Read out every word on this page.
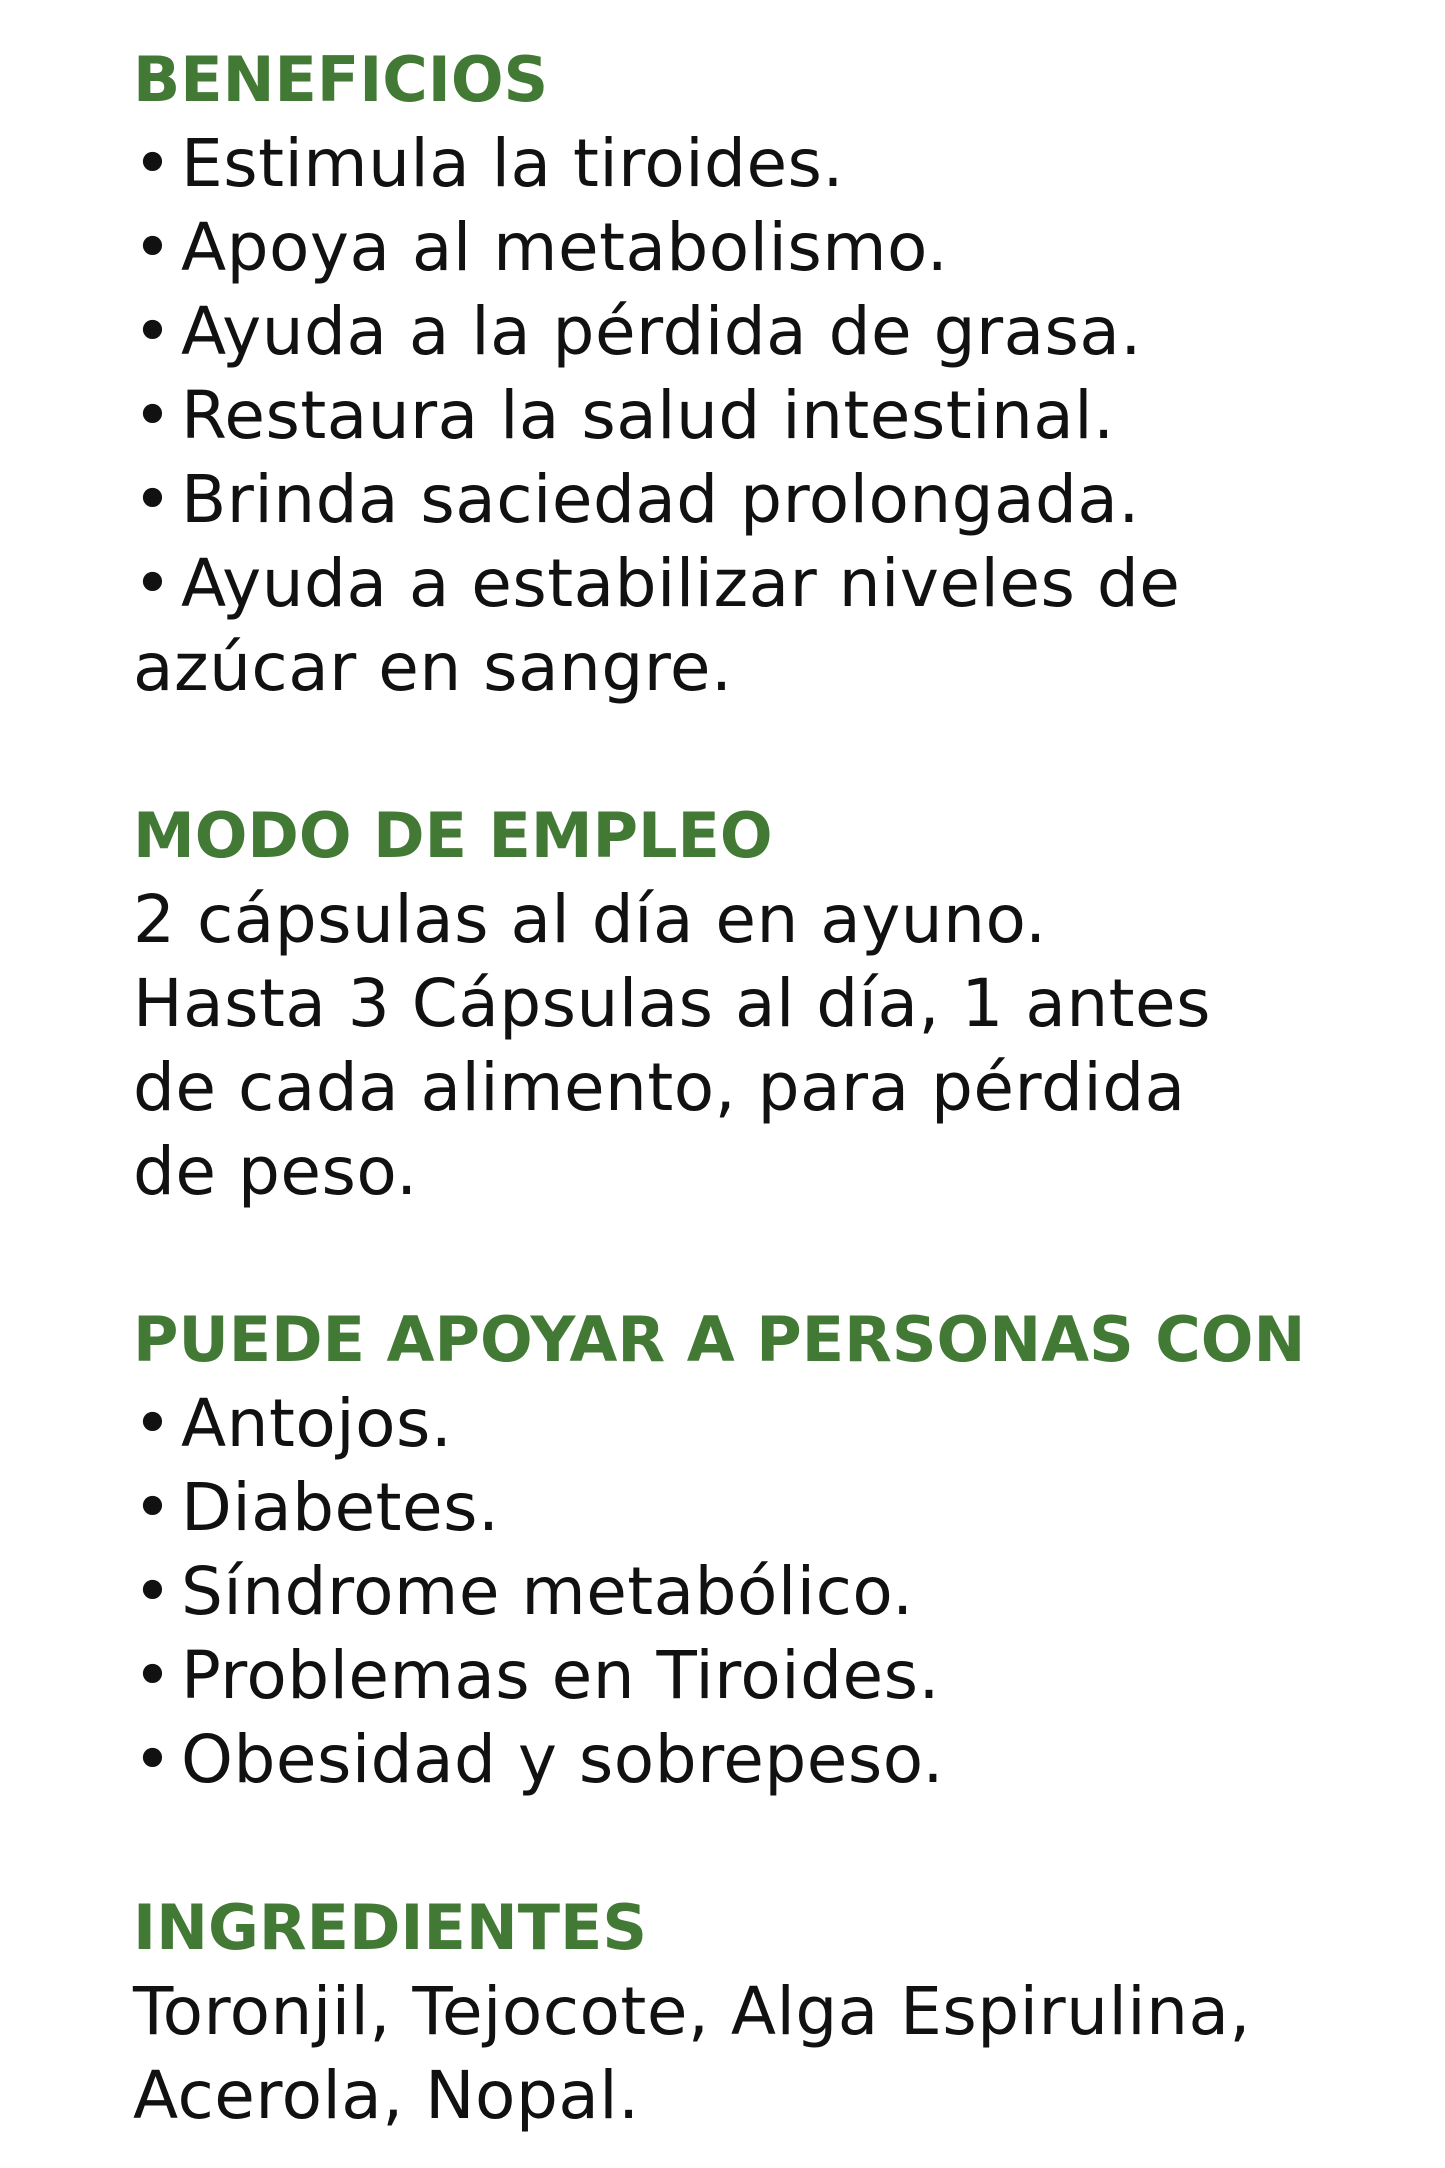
BENEFICIOS
• Estimula la tiroides.
• Apoya al metabolismo.
• Ayuda a la pérdida de grasa.
• Restaura la salud intestinal.
• Brinda saciedad prolongada.
• Ayuda a estabilizar niveles de

azúcar en sangre.

MODO DE EMPLEO

2 cápsulas al día en ayuno.

Hasta 3 Cápsulas al día, 1 antes

de cada alimento, para pérdida

de peso.

PUEDE APOYAR A PERSONAS CON
• Antojos.
• Diabetes.
• Síndrome metabólico.
• Problemas en Tiroides.
• Obesidad y sobrepeso.
INGREDIENTES

Toronjil, Tejocote, Alga Espirulina,

Acerola, Nopal.
